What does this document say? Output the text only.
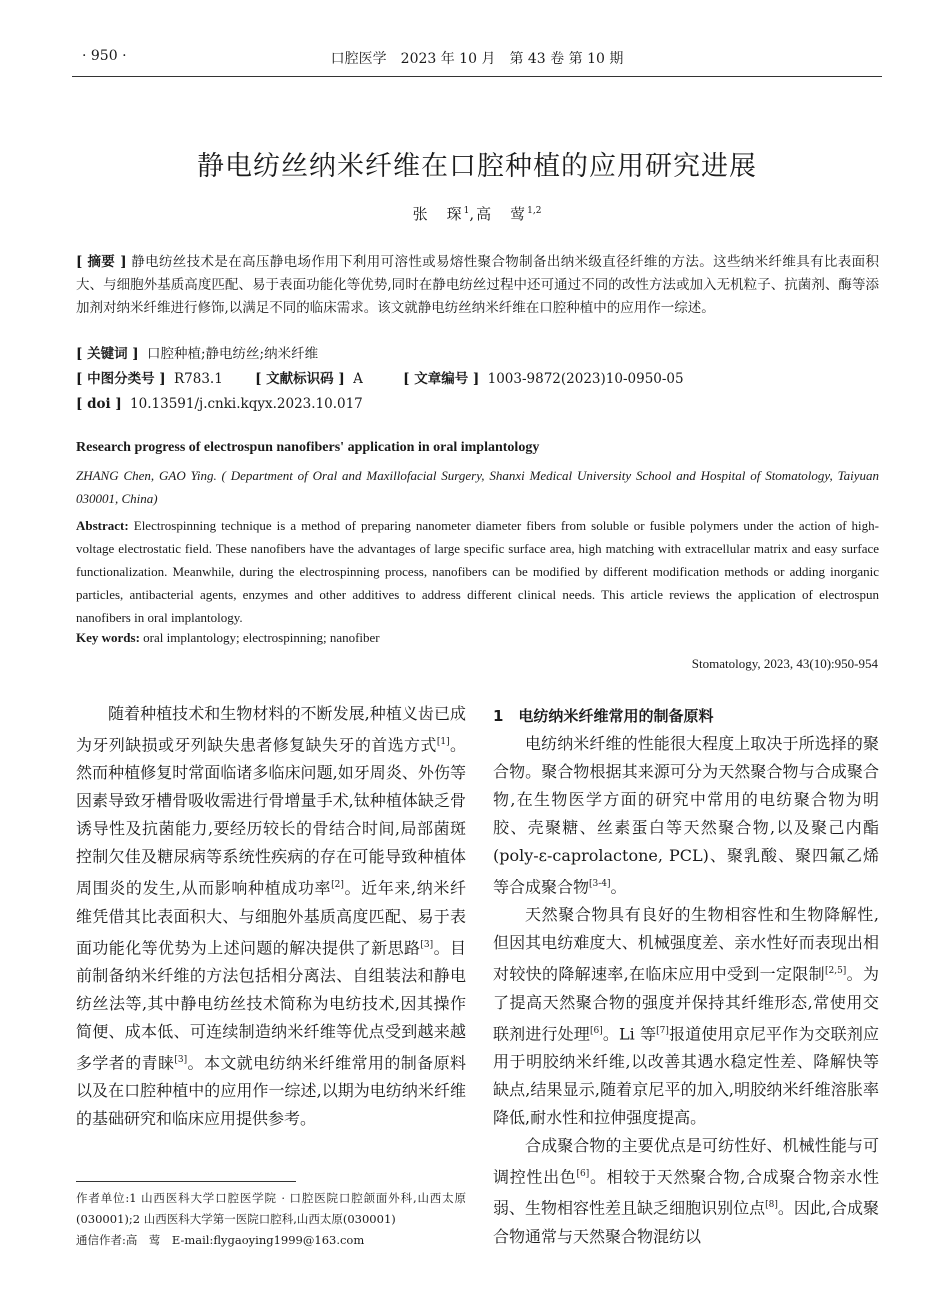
· 950 ·	口腔医学　2023 年 10 月　第 43 卷 第 10 期
静电纺丝纳米纤维在口腔种植的应用研究进展
张　琛$^1$,高　莺$^{1,2}$
[ 摘要 ] 静电纺丝技术是在高压静电场作用下利用可溶性或易熔性聚合物制备出纳米级直径纤维的方法。这些纳米纤维具有比表面积大、与细胞外基质高度匹配、易于表面功能化等优势,同时在静电纺丝过程中还可通过不同的改性方法或加入无机粒子、抗菌剂、酶等添加剂对纳米纤维进行修饰,以满足不同的临床需求。该文就静电纺丝纳米纤维在口腔种植中的应用作一综述。
[ 关键词 ] 口腔种植;静电纺丝;纳米纤维
[ 中图分类号 ] R783.1 [ 文献标识码 ] A	[ 文章编号 ] 1003-9872(2023)10-0950-05
[ doi ] 10.13591/j.cnki.kqyx.2023.10.017
Research progress of electrospun nanofibers' application in oral implantology
ZHANG Chen, GAO Ying. ( Department of Oral and Maxillofacial Surgery, Shanxi Medical University School and Hospital of Stomatology, Taiyuan 030001, China)
Abstract: Electrospinning technique is a method of preparing nanometer diameter fibers from soluble or fusible polymers under the action of high-voltage electrostatic field. These nanofibers have the advantages of large specific surface area, high matching with extracellular matrix and easy surface functionalization. Meanwhile, during the electrospinning process, nanofibers can be modified by different modification methods or adding inorganic particles, antibacterial agents, enzymes and other additives to address different clinical needs. This article reviews the application of electrospun nanofibers in oral implantology.
Key words: oral implantology; electrospinning; nanofiber
Stomatology, 2023, 43(10):950-954

随着种植技术和生物材料的不断发展,种植义齿已成为牙列缺损或牙列缺失患者修复缺失牙的首选方式[1]。然而种植修复时常面临诸多临床问题,如牙周炎、外伤等因素导致牙槽骨吸收需进行骨增量手术,钛种植体缺乏骨诱导性及抗菌能力,要经历较长的骨结合时间,局部菌斑控制欠佳及糖尿病等系统性疾病的存在可能导致种植体周围炎的发生,从而影响种植成功率[2]。近年来,纳米纤维凭借其比表面积大、与细胞外基质高度匹配、易于表面功能化等优势为上述问题的解决提供了新思路[3]。目前制备纳米纤维的方法包括相分离法、自组装法和静电纺丝法等,其中静电纺丝技术简称为电纺技术,因其操作简便、成本低、可连续制造纳米纤维等优点受到越来越多学者的青睐[3]。本文就电纺纳米纤维常用的制备原料以及在口腔种植中的应用作一综述,以期为电纺纳米纤维的基础研究和临床应用提供参考。

作者单位:1 山西医科大学口腔医学院 · 口腔医院口腔颌面外科,山西太原(030001);2 山西医科大学第一医院口腔科,山西太原(030001)
通信作者:高　莺　E-mail:flygaoying1999@163.com

1　电纺纳米纤维常用的制备原料

电纺纳米纤维的性能很大程度上取决于所选择的聚合物。聚合物根据其来源可分为天然聚合物与合成聚合物,在生物医学方面的研究中常用的电纺聚合物为明胶、壳聚糖、丝素蛋白等天然聚合物,以及聚己内酯(poly-ε-caprolactone, PCL)、聚乳酸、聚四氟乙烯等合成聚合物[3-4]。

天然聚合物具有良好的生物相容性和生物降解性,但因其电纺难度大、机械强度差、亲水性好而表现出相对较快的降解速率,在临床应用中受到一定限制[2,5]。为了提高天然聚合物的强度并保持其纤维形态,常使用交联剂进行处理[6]。Li 等[7]报道使用京尼平作为交联剂应用于明胶纳米纤维,以改善其遇水稳定性差、降解快等缺点,结果显示,随着京尼平的加入,明胶纳米纤维溶胀率降低,耐水性和拉伸强度提高。

合成聚合物的主要优点是可纺性好、机械性能与可调控性出色[6]。相较于天然聚合物,合成聚合物亲水性弱、生物相容性差且缺乏细胞识别位点[8]。因此,合成聚合物通常与天然聚合物混纺以
